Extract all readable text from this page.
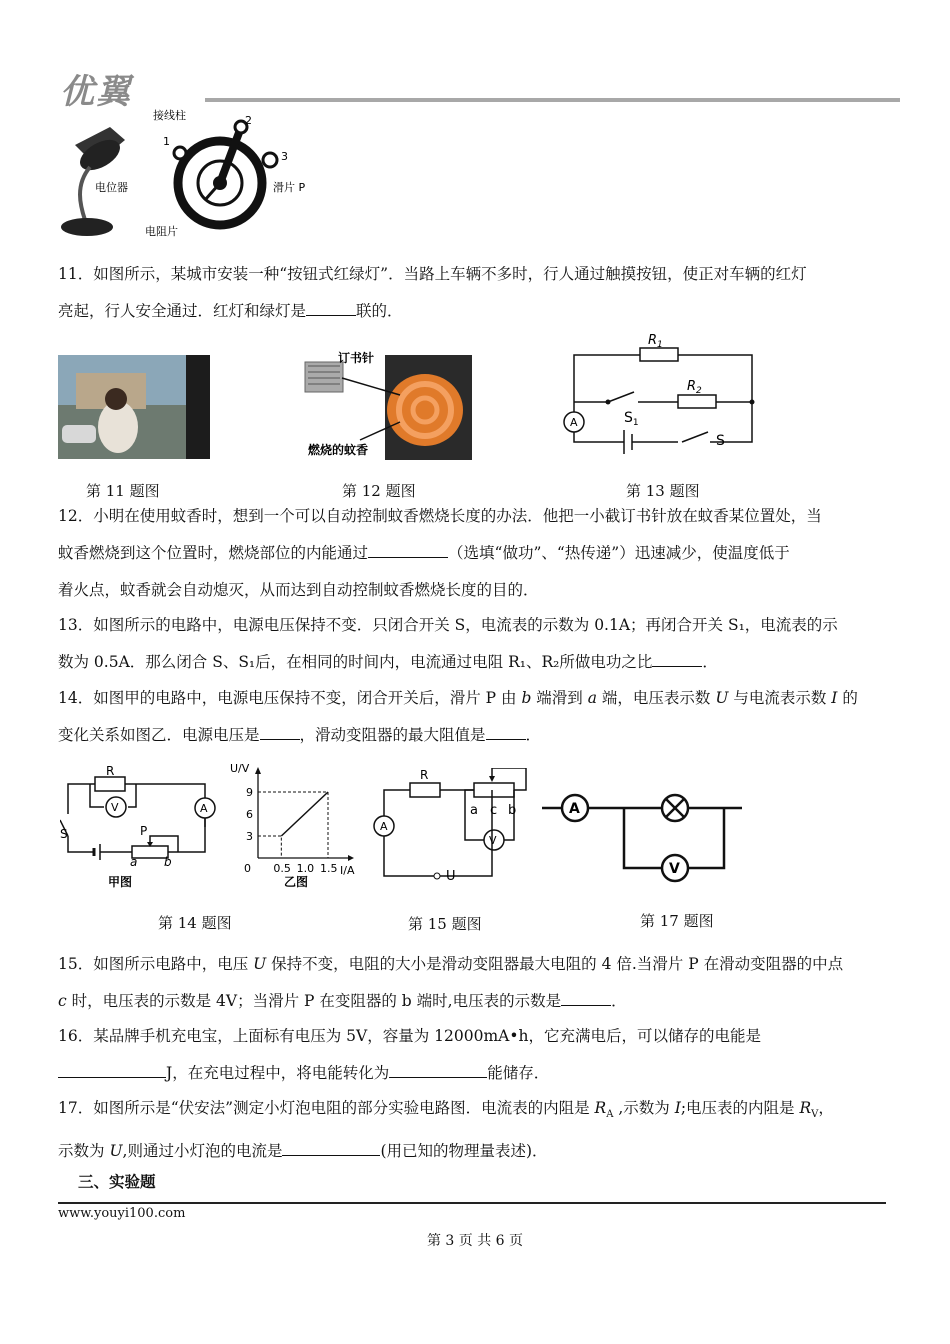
优翼
接线柱
1
2
3
电位器	滑片 P
电阻片
11．如图所示，某城市安装一种“按钮式红绿灯”．当路上车辆不多时，行人通过触摸按钮，使正对车辆的红灯
亮起，行人安全通过．红灯和绿灯是	联的．
订书针
燃烧的蚊香
A
$R_1$
$R_2$
$S_1$
S
第 11 题图	第 12 题图	第 13 题图
12．小明在使用蚊香时，想到一个可以自动控制蚊香燃烧长度的办法．他把一小截订书针放在蚊香某位置处，当
蚊香燃烧到这个位置时，燃烧部位的内能通过	（选填“做功”、“热传递”）迅速减少，使温度低于
着火点，蚊香就会自动熄灭，从而达到自动控制蚊香燃烧长度的目的．
13．如图所示的电路中，电源电压保持不变．只闭合开关 S，电流表的示数为 0.1A；再闭合开关 S₁，电流表的示
数为 0.5A．那么闭合 S、S₁后，在相同的时间内，电流通过电阻 R₁、R₂所做电功之比	．
14．如图甲的电路中，电源电压保持不变，闭合开关后，滑片 P 由 b 端滑到 a 端，电压表示数 U 与电流表示数 I 的
变化关系如图乙．电源电压是	，滑动变阻器的最大阻值是	．
V	A
R
S	P
a b
甲图
0 0.5 1.0 1.5
3
6
9
U/V
I/A
乙图
A
V
R
a c b
U
A
V
第 14 题图	第 15 题图	第 17 题图
15．如图所示电路中，电压 U 保持不变，电阻的大小是滑动变阻器最大电阻的 4 倍.当滑片 P 在滑动变阻器的中点
c 时，电压表的示数是 4V；当滑片 P 在变阻器的 b 端时,电压表的示数是	．
16．某品牌手机充电宝，上面标有电压为 5V，容量为 12000mA•h，它充满电后，可以储存的电能是
J，在充电过程中，将电能转化为	能储存．
17．如图所示是“伏安法”测定小灯泡电阻的部分实验电路图．电流表的内阻是 $R_A$ ,示数为 I;电压表的内阻是 $R_V$，
示数为 U,则通过小灯泡的电流是	(用已知的物理量表述)．
三、实验题
www.youyi100.com
第 3 页 共 6 页
